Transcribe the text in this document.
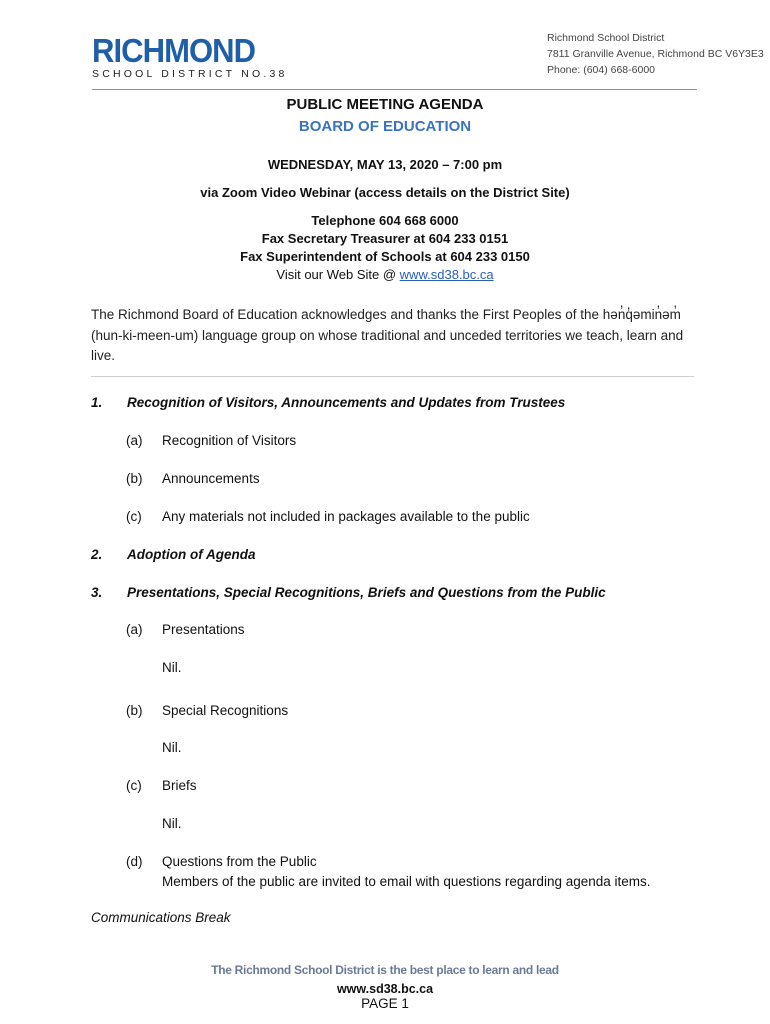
RICHMOND
SCHOOL DISTRICT NO.38
Richmond School District
7811 Granville Avenue, Richmond BC V6Y3E3
Phone: (604) 668-6000
PUBLIC MEETING AGENDA
BOARD OF EDUCATION
WEDNESDAY, MAY 13, 2020 – 7:00 pm
via Zoom Video Webinar (access details on the District Site)
Telephone 604 668 6000
Fax Secretary Treasurer at 604 233 0151
Fax Superintendent of Schools at 604 233 0150
Visit our Web Site @ www.sd38.bc.ca
The Richmond Board of Education acknowledges and thanks the First Peoples of the hən̓q̓əmin̓əm̓ (hun-ki-meen-um) language group on whose traditional and unceded territories we teach, learn and live.
1. Recognition of Visitors, Announcements and Updates from Trustees
(a) Recognition of Visitors
(b) Announcements
(c) Any materials not included in packages available to the public
2. Adoption of Agenda
3. Presentations, Special Recognitions, Briefs and Questions from the Public
(a) Presentations
Nil.
(b) Special Recognitions
Nil.
(c) Briefs
Nil.
(d) Questions from the Public
Members of the public are invited to email with questions regarding agenda items.
Communications Break
The Richmond School District is the best place to learn and lead
www.sd38.bc.ca
PAGE 1
